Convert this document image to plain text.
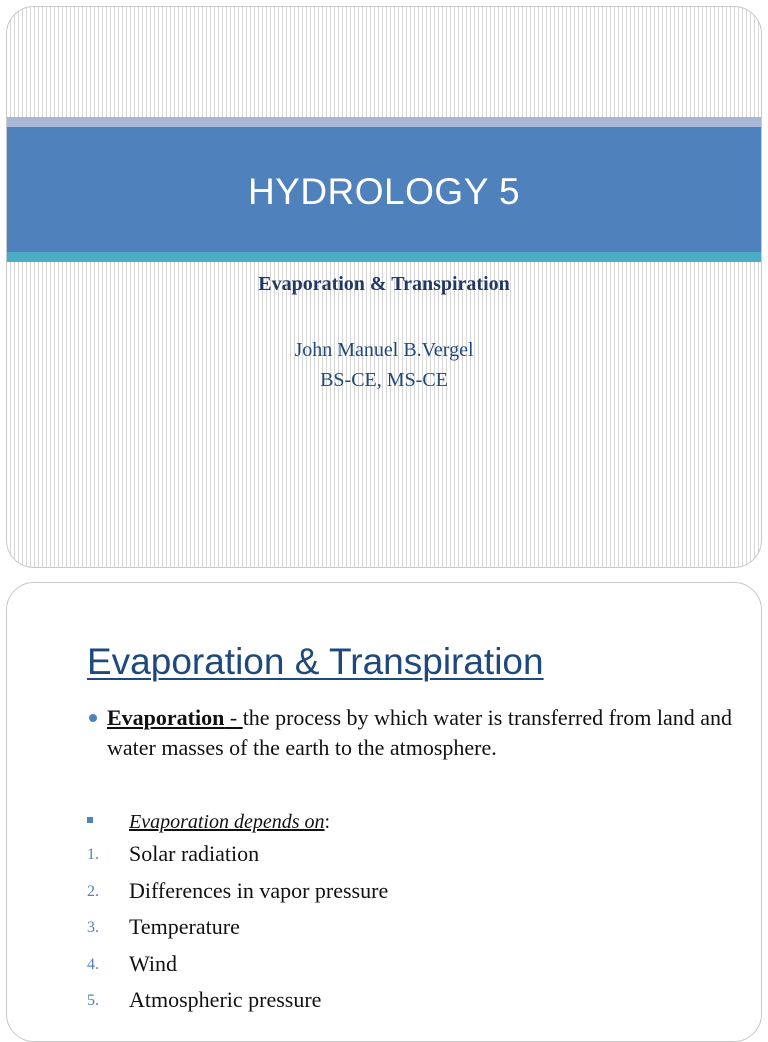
HYDROLOGY 5
Evaporation & Transpiration
John Manuel B.Vergel
BS-CE, MS-CE
Evaporation & Transpiration
Evaporation - the process by which water is transferred from land and water masses of the earth to the atmosphere.
Evaporation depends on:
1. Solar radiation
2. Differences in vapor pressure
3. Temperature
4. Wind
5. Atmospheric pressure
